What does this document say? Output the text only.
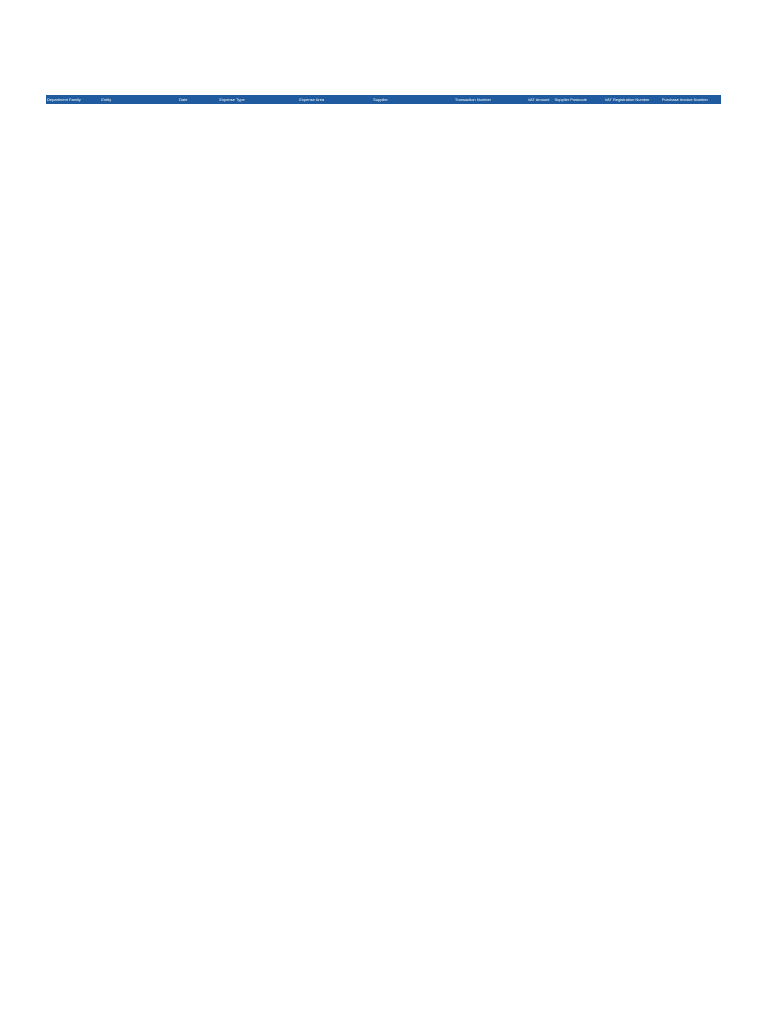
Department Family	Entity	Date	Expense Type	Expense Area	Supplier	Transaction Number	VAT Amount	Supplier Postcode	VAT Registration Number	Purchase Invoice Number
